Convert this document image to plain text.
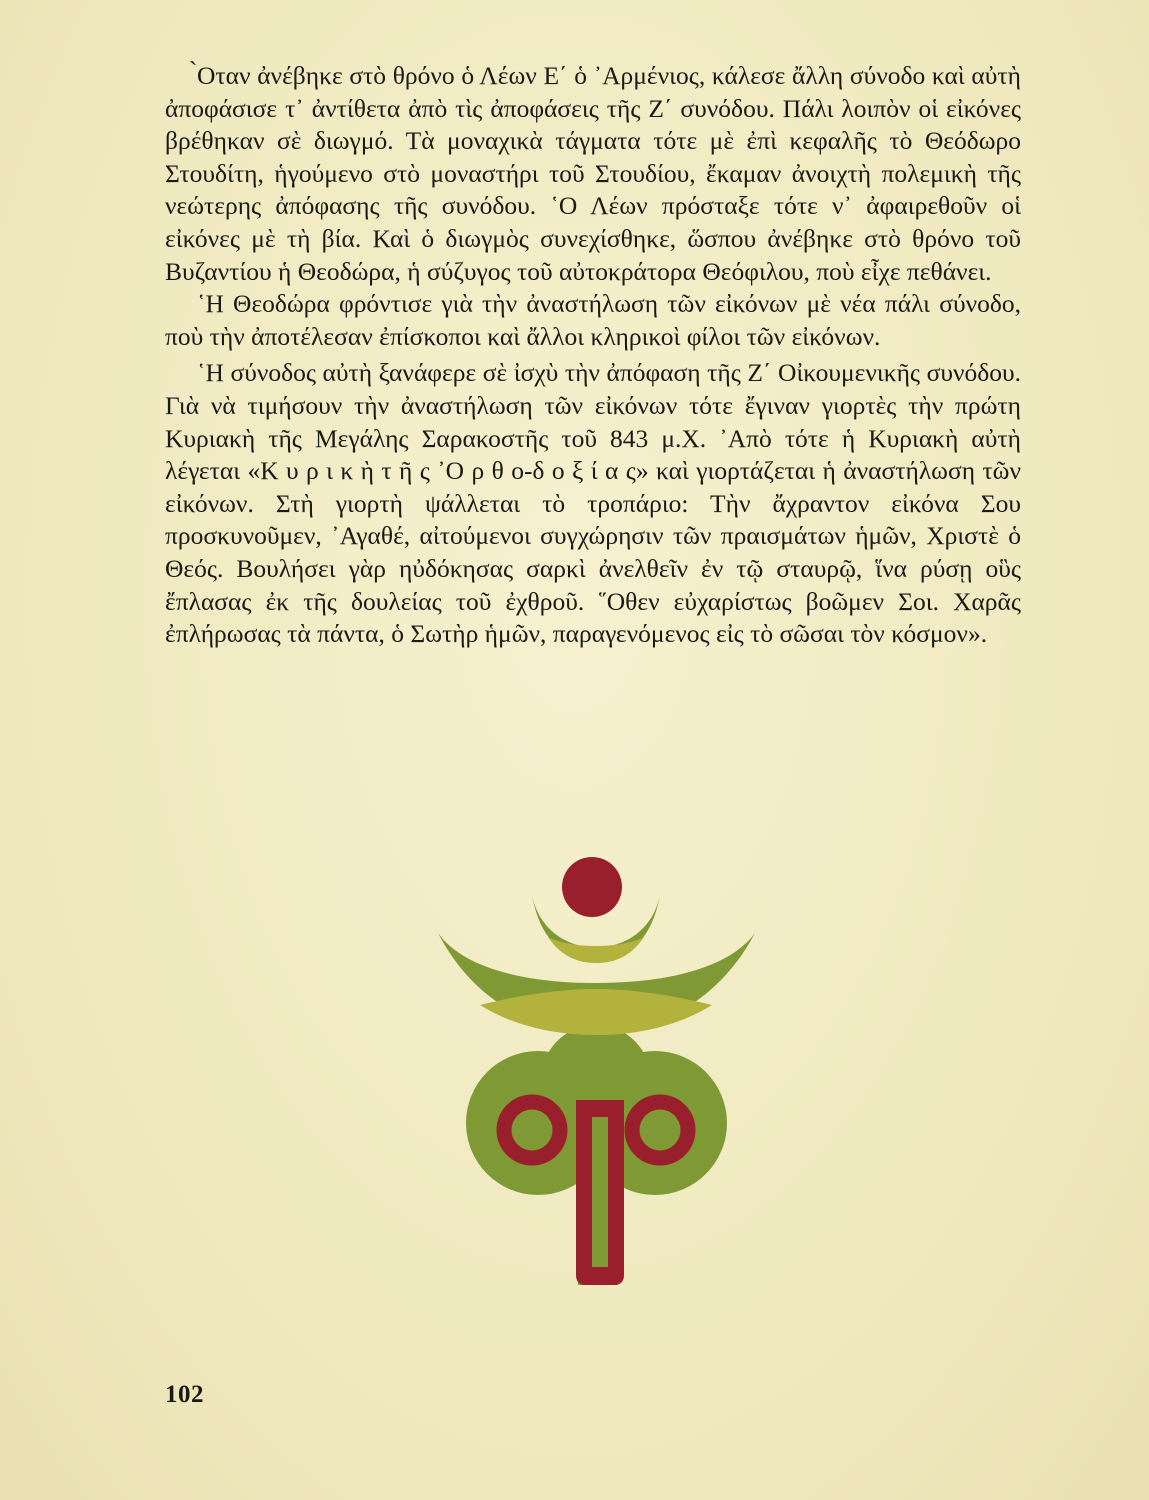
̀Οταν ἀνέβηκε στὸ θρόνο ὁ Λέων Ε΄ ὁ ᾿Αρμένιος, κάλεσε ἄλλη σύνοδο καὶ αὐτὴ ἀποφάσισε τ᾿ ἀντίθετα ἀπὸ τὶς ἀποφάσεις τῆς Ζ΄ συνόδου. Πάλι λοιπὸν οἱ εἰκόνες βρέθηκαν σὲ διωγμό. Τὰ μοναχικὰ τάγματα τότε μὲ ἐπὶ κεφαλῆς τὸ Θεόδωρο Στουδίτη, ἡγούμενο στὸ μοναστήρι τοῦ Στουδίου, ἔκαμαν ἀνοιχτὴ πολεμικὴ τῆς νεώτερης ἀπόφασης τῆς συνόδου. ῾Ο Λέων πρόσταξε τότε ν᾿ ἀφαιρεθοῦν οἱ εἰκόνες μὲ τὴ βία. Καὶ ὁ διωγμὸς συνεχίσθηκε, ὥσπου ἀνέβηκε στὸ θρόνο τοῦ Βυζαντίου ἡ Θεοδώρα, ἡ σύζυγος τοῦ αὐτοκράτορα Θεόφιλου, ποὺ εἶχε πεθάνει.

῾Η Θεοδώρα φρόντισε γιὰ τὴν ἀναστήλωση τῶν εἰκόνων μὲ νέα πάλι σύνοδο, ποὺ τὴν ἀποτέλεσαν ἐπίσκοποι καὶ ἄλλοι κληρικοὶ φίλοι τῶν εἰκόνων.

῾Η σύνοδος αὐτὴ ξανάφερε σὲ ἰσχὺ τὴν ἀπόφαση τῆς Ζ΄ Οἰκουμενικῆς συνόδου. Γιὰ νὰ τιμήσουν τὴν ἀναστήλωση τῶν εἰκόνων τότε ἔγιναν γιορτὲς τὴν πρώτη Κυριακὴ τῆς Μεγάλης Σαρακοστῆς τοῦ 843 μ.Χ. ᾿Απὸ τότε ἡ Κυριακὴ αὐτὴ λέγεται «Κ υ ρ ι κ ὴ τ ῆ ς ᾿Ο ρ θ ο-δ ο ξ ί α ς» καὶ γιορτάζεται ἡ ἀναστήλωση τῶν εἰκόνων. Στὴ γιορτὴ ψάλλεται τὸ τροπάριο: Τὴν ἄχραντον εἰκόνα Σου προσκυνοῦμεν, ᾿Αγαθέ, αἰτούμενοι συγχώρησιν τῶν πραισμάτων ἡμῶν, Χριστὲ ὁ Θεός. Βουλήσει γὰρ ηὐδόκησας σαρκὶ ἀνελθεῖν ἐν τῷ σταυρῷ, ἵνα ρύσῃ οὓς ἔπλασας ἐκ τῆς δουλείας τοῦ ἐχθροῦ. ῞Οθεν εὐχαρίστως βοῶμεν Σοι. Χαρᾶς ἐπλήρωσας τὰ πάντα, ὁ Σωτὴρ ἡμῶν, παραγενόμενος εἰς τὸ σῶσαι τὸν κόσμον».

102
